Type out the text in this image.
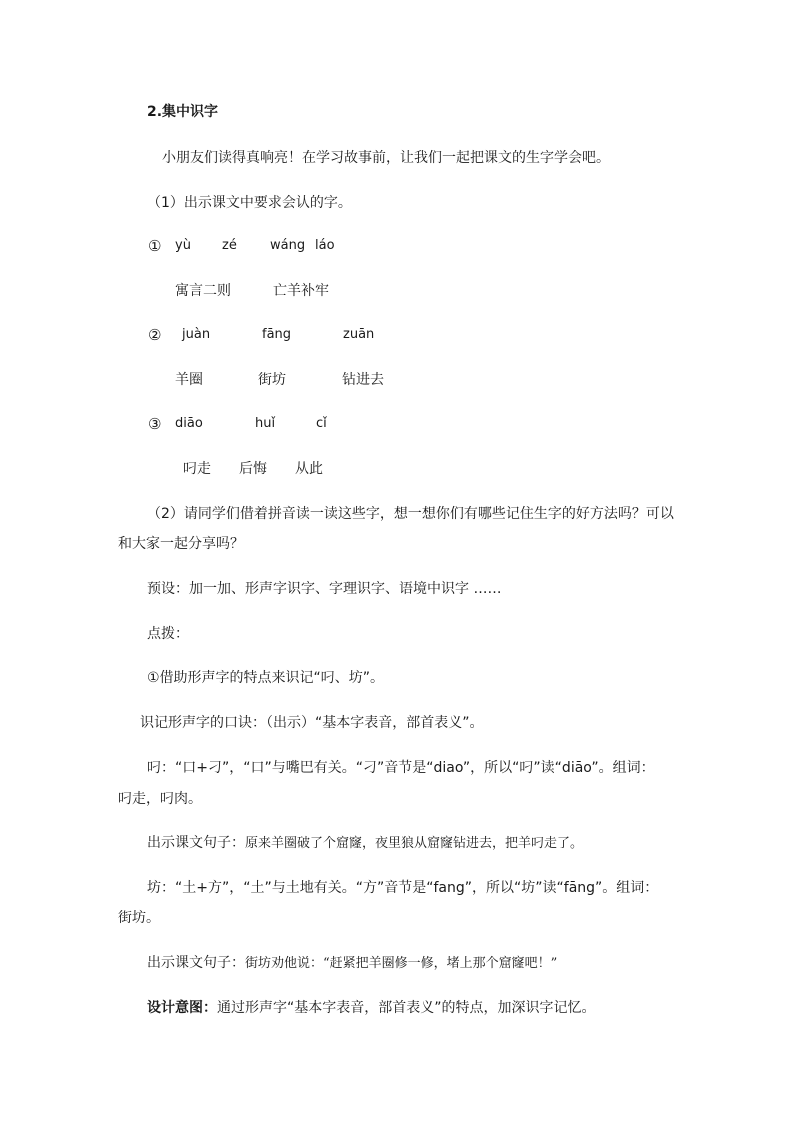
2.集中识字
小朋友们读得真响亮！在学习故事前，让我们一起把课文的生字学会吧。
（1）出示课文中要求会认的字。
① yù zé	wáng láo
寓言二则	亡羊补牢
② juàn	fāng	zuān
羊圈	街坊	钻进去
③ diāo	huǐ	cǐ
叼走 后悔 从此
（2）请同学们借着拼音读一读这些字，想一想你们有哪些记住生字的好方法吗？可以
和大家一起分享吗？
预设：加一加、形声字识字、字理识字、语境中识字 ……
点拨：
①借助形声字的特点来识记“叼、坊”。
识记形声字的口诀：（出示）“基本字表音，部首表义”。
叼：“口+刁”，“口”与嘴巴有关。“刁”音节是“diao”，所以“叼”读“diāo”。组词：
叼走，叼肉。
出示课文句子：原来羊圈破了个窟窿，夜里狼从窟窿钻进去，把羊叼走了。
坊：“土+方”，“土”与土地有关。“方”音节是“fang”，所以“坊”读“fāng”。组词：
街坊。
出示课文句子：街坊劝他说：“赶紧把羊圈修一修，堵上那个窟窿吧！”
设计意图：通过形声字“基本字表音，部首表义”的特点，加深识字记忆。
